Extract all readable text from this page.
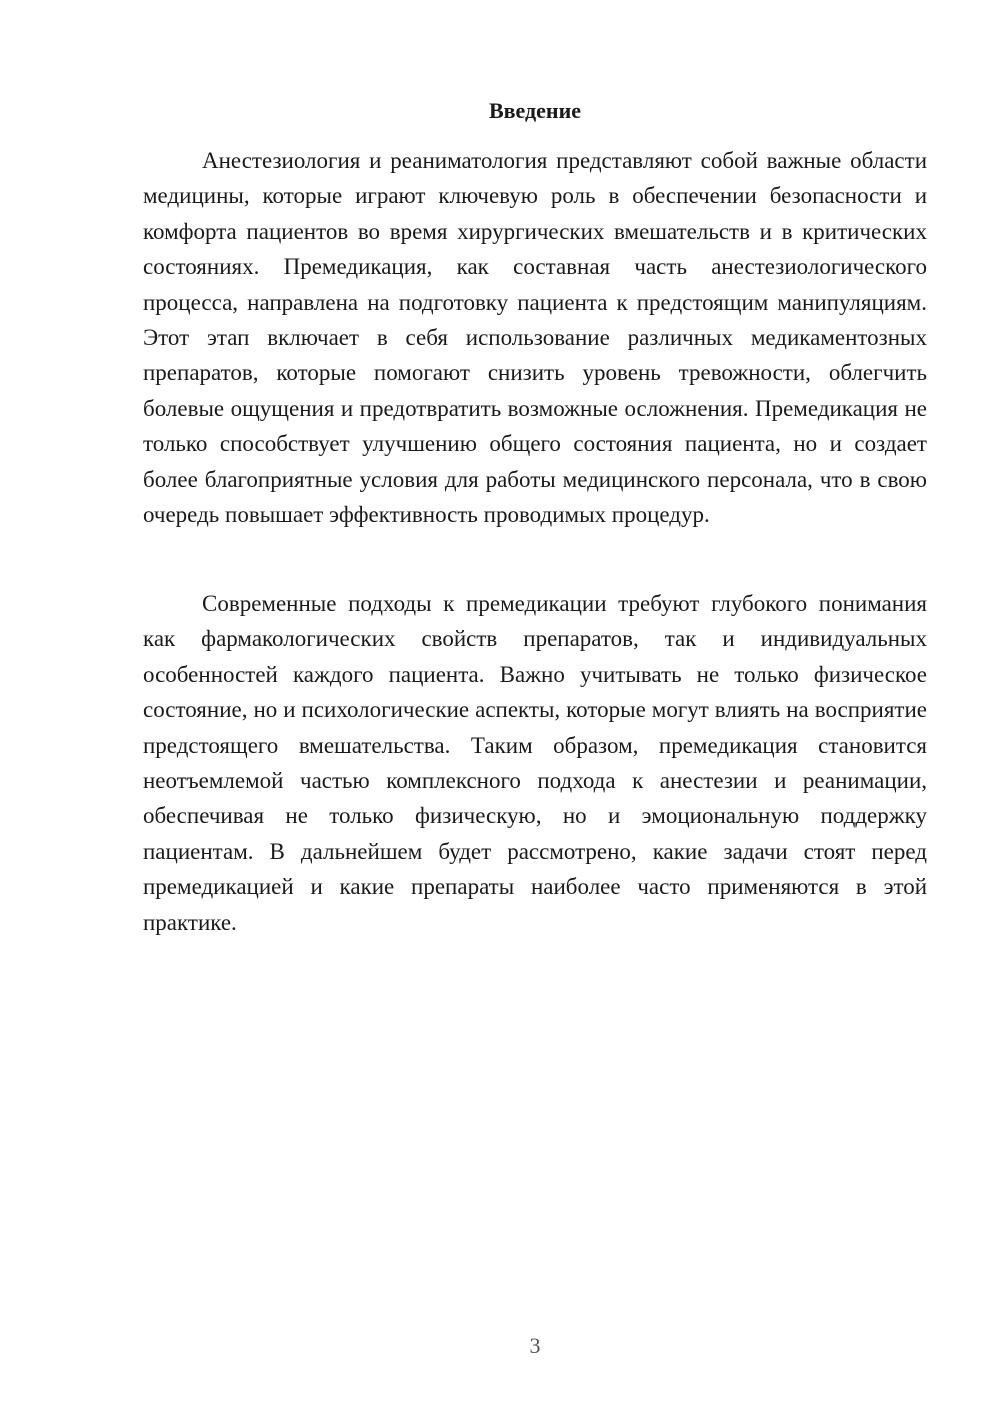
Введение

Анестезиология и реаниматология представляют собой важные области медицины, которые играют ключевую роль в обеспечении безопасности и комфорта пациентов во время хирургических вмешательств и в критических состояниях. Премедикация, как составная часть анестезиологического процесса, направлена на подготовку пациента к предстоящим манипуляциям. Этот этап включает в себя использование различных медикаментозных препаратов, которые помогают снизить уровень тревожности, облегчить болевые ощущения и предотвратить возможные осложнения. Премедикация не только способствует улучшению общего состояния пациента, но и создает более благоприятные условия для работы медицинского персонала, что в свою очередь повышает эффективность проводимых процедур.

Современные подходы к премедикации требуют глубокого понимания как фармакологических свойств препаратов, так и индивидуальных особенностей каждого пациента. Важно учитывать не только физическое состояние, но и психологические аспекты, которые могут влиять на восприятие предстоящего вмешательства. Таким образом, премедикация становится неотъемлемой частью комплексного подхода к анестезии и реанимации, обеспечивая не только физическую, но и эмоциональную поддержку пациентам. В дальнейшем будет рассмотрено, какие задачи стоят перед премедикацией и какие препараты наиболее часто применяются в этой практике.

3
